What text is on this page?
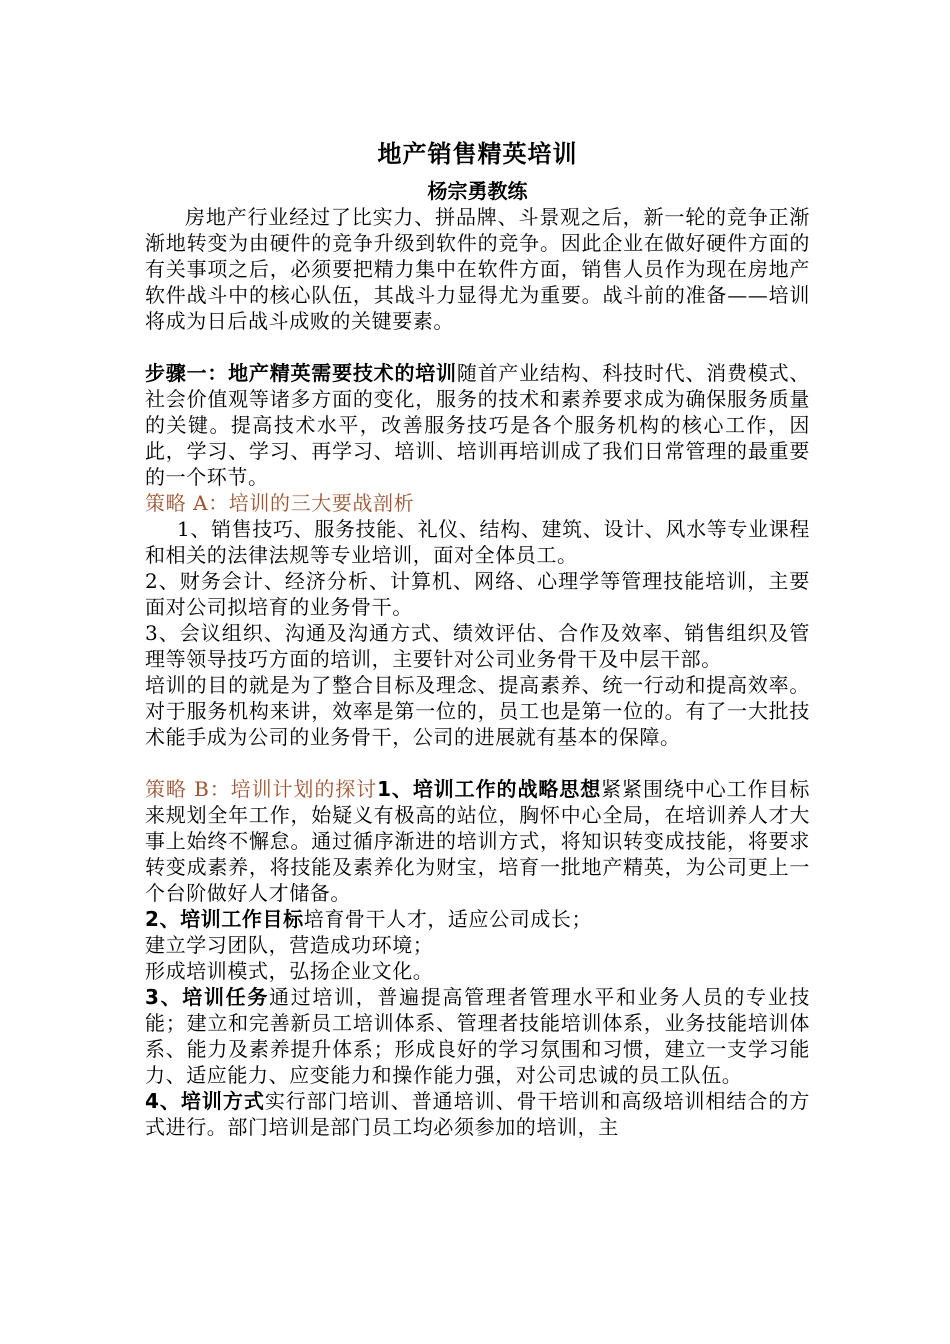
地产销售精英培训
杨宗勇教练

房地产行业经过了比实力、拼品牌、斗景观之后，新一轮的竞争正渐渐地转变为由硬件的竞争升级到软件的竞争。因此企业在做好硬件方面的有关事项之后，必须要把精力集中在软件方面，销售人员作为现在房地产软件战斗中的核心队伍，其战斗力显得尤为重要。战斗前的准备——培训将成为日后战斗成败的关键要素。

步骤一：地产精英需要技术的培训随首产业结构、科技时代、消费模式、社会价值观等诸多方面的变化，服务的技术和素养要求成为确保服务质量的关键。提高技术水平，改善服务技巧是各个服务机构的核心工作，因此，学习、学习、再学习、培训、培训再培训成了我们日常管理的最重要的一个环节。

策略 A：培训的三大要战剖析

1、销售技巧、服务技能、礼仪、结构、建筑、设计、风水等专业课程和相关的法律法规等专业培训，面对全体员工。

2、财务会计、经济分析、计算机、网络、心理学等管理技能培训，主要面对公司拟培育的业务骨干。

3、会议组织、沟通及沟通方式、绩效评估、合作及效率、销售组织及管理等领导技巧方面的培训，主要针对公司业务骨干及中层干部。

培训的目的就是为了整合目标及理念、提高素养、统一行动和提高效率。对于服务机构来讲，效率是第一位的，员工也是第一位的。有了一大批技术能手成为公司的业务骨干，公司的进展就有基本的保障。

策略 B：培训计划的探讨1、培训工作的战略思想紧紧围绕中心工作目标来规划全年工作，始疑义有极高的站位，胸怀中心全局，在培训养人才大事上始终不懈怠。通过循序渐进的培训方式，将知识转变成技能，将要求转变成素养，将技能及素养化为财宝，培育一批地产精英，为公司更上一个台阶做好人才储备。

2、培训工作目标培育骨干人才，适应公司成长；

建立学习团队，营造成功环境；

形成培训模式，弘扬企业文化。

3、培训任务通过培训，普遍提高管理者管理水平和业务人员的专业技能；建立和完善新员工培训体系、管理者技能培训体系，业务技能培训体系、能力及素养提升体系；形成良好的学习氛围和习惯，建立一支学习能力、适应能力、应变能力和操作能力强，对公司忠诚的员工队伍。

4、培训方式实行部门培训、普通培训、骨干培训和高级培训相结合的方式进行。部门培训是部门员工均必须参加的培训，主
